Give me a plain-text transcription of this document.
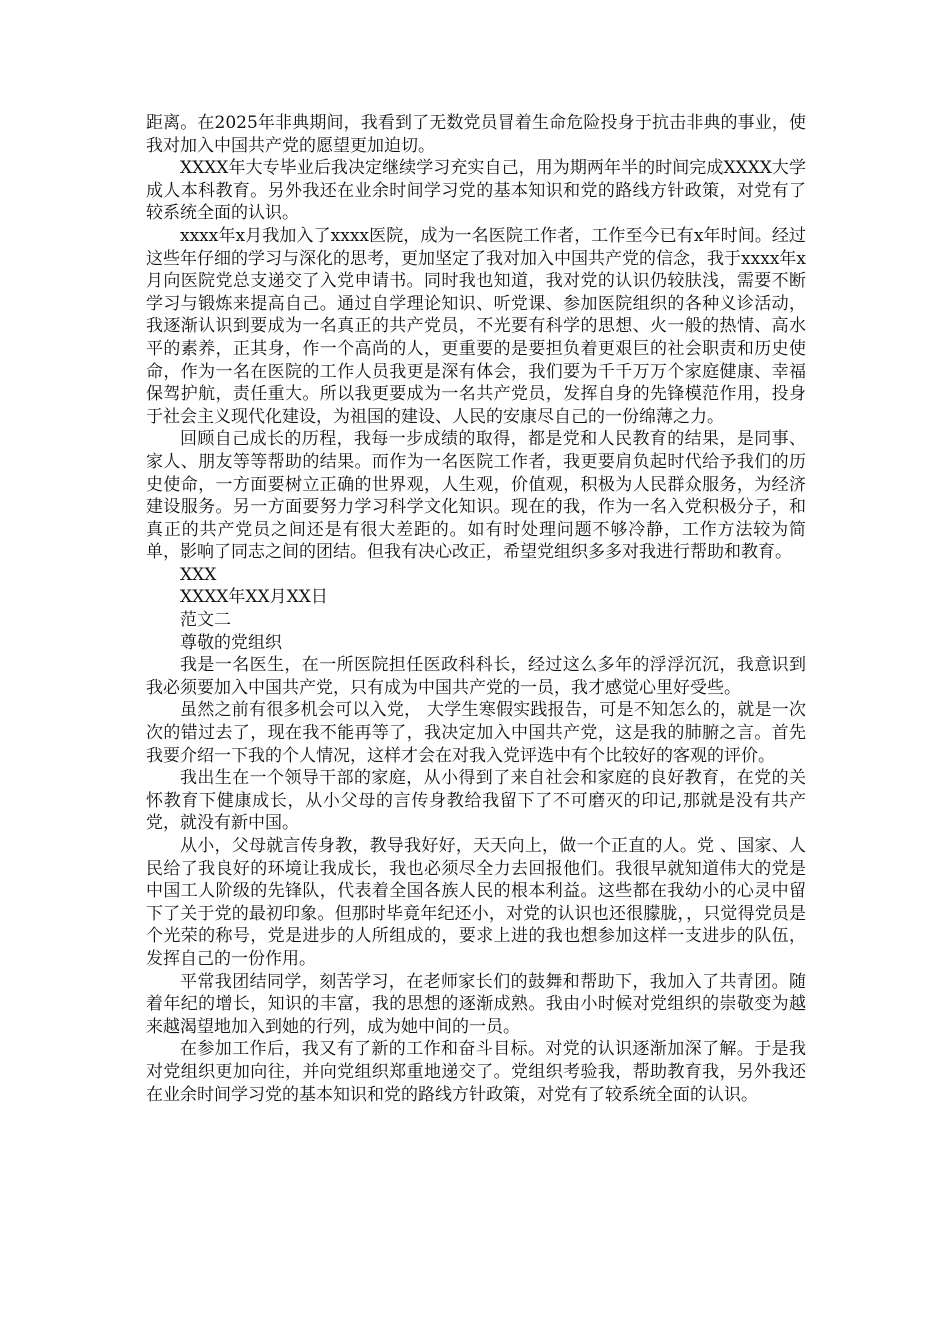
距离。在2025年非典期间，我看到了无数党员冒着生命危险投身于抗击非典的事业，使我对加入中国共产党的愿望更加迫切。

XXXX年大专毕业后我决定继续学习充实自己，用为期两年半的时间完成XXXX大学成人本科教育。另外我还在业余时间学习党的基本知识和党的路线方针政策，对党有了较系统全面的认识。

xxxx年x月我加入了xxxx医院，成为一名医院工作者，工作至今已有x年时间。经过这些年仔细的学习与深化的思考，更加坚定了我对加入中国共产党的信念，我于xxxx年x月向医院党总支递交了入党申请书。同时我也知道，我对党的认识仍较肤浅，需要不断学习与锻炼来提高自己。通过自学理论知识、听党课、参加医院组织的各种义诊活动，我逐渐认识到要成为一名真正的共产党员，不光要有科学的思想、火一般的热情、高水平的素养，正其身，作一个高尚的人，更重要的是要担负着更艰巨的社会职责和历史使命，作为一名在医院的工作人员我更是深有体会，我们要为千千万万个家庭健康、幸福保驾护航，责任重大。所以我更要成为一名共产党员，发挥自身的先锋模范作用，投身于社会主义现代化建设，为祖国的建设、人民的安康尽自己的一份绵薄之力。

回顾自己成长的历程，我每一步成绩的取得，都是党和人民教育的结果，是同事、家人、朋友等等帮助的结果。而作为一名医院工作者，我更要肩负起时代给予我们的历史使命，一方面要树立正确的世界观，人生观，价值观，积极为人民群众服务，为经济建设服务。另一方面要努力学习科学文化知识。现在的我，作为一名入党积极分子，和真正的共产党员之间还是有很大差距的。如有时处理问题不够冷静，工作方法较为简单，影响了同志之间的团结。但我有决心改正，希望党组织多多对我进行帮助和教育。

XXX

XXXX年XX月XX日

范文二

尊敬的党组织

我是一名医生，在一所医院担任医政科科长，经过这么多年的浮浮沉沉，我意识到我必须要加入中国共产党，只有成为中国共产党的一员，我才感觉心里好受些。

虽然之前有很多机会可以入党， 大学生寒假实践报告，可是不知怎么的，就是一次次的错过去了，现在我不能再等了，我决定加入中国共产党，这是我的肺腑之言。首先我要介绍一下我的个人情况，这样才会在对我入党评选中有个比较好的客观的评价。

我出生在一个领导干部的家庭，从小得到了来自社会和家庭的良好教育，在党的关怀教育下健康成长，从小父母的言传身教给我留下了不可磨灭的印记,那就是没有共产党，就没有新中国。

从小，父母就言传身教，教导我好好，天天向上，做一个正直的人。党 、国家、人民给了我良好的环境让我成长，我也必须尽全力去回报他们。我很早就知道伟大的党是中国工人阶级的先锋队，代表着全国各族人民的根本利益。这些都在我幼小的心灵中留下了关于党的最初印象。但那时毕竟年纪还小，对党的认识也还很朦胧，，只觉得党员是个光荣的称号，党是进步的人所组成的，要求上进的我也想参加这样一支进步的队伍，发挥自己的一份作用。

平常我团结同学，刻苦学习，在老师家长们的鼓舞和帮助下，我加入了共青团。随着年纪的增长，知识的丰富，我的思想的逐渐成熟。我由小时候对党组织的崇敬变为越来越渴望地加入到她的行列，成为她中间的一员。

在参加工作后，我又有了新的工作和奋斗目标。对党的认识逐渐加深了解。于是我对党组织更加向往，并向党组织郑重地递交了。党组织考验我，帮助教育我，另外我还在业余时间学习党的基本知识和党的路线方针政策，对党有了较系统全面的认识。
